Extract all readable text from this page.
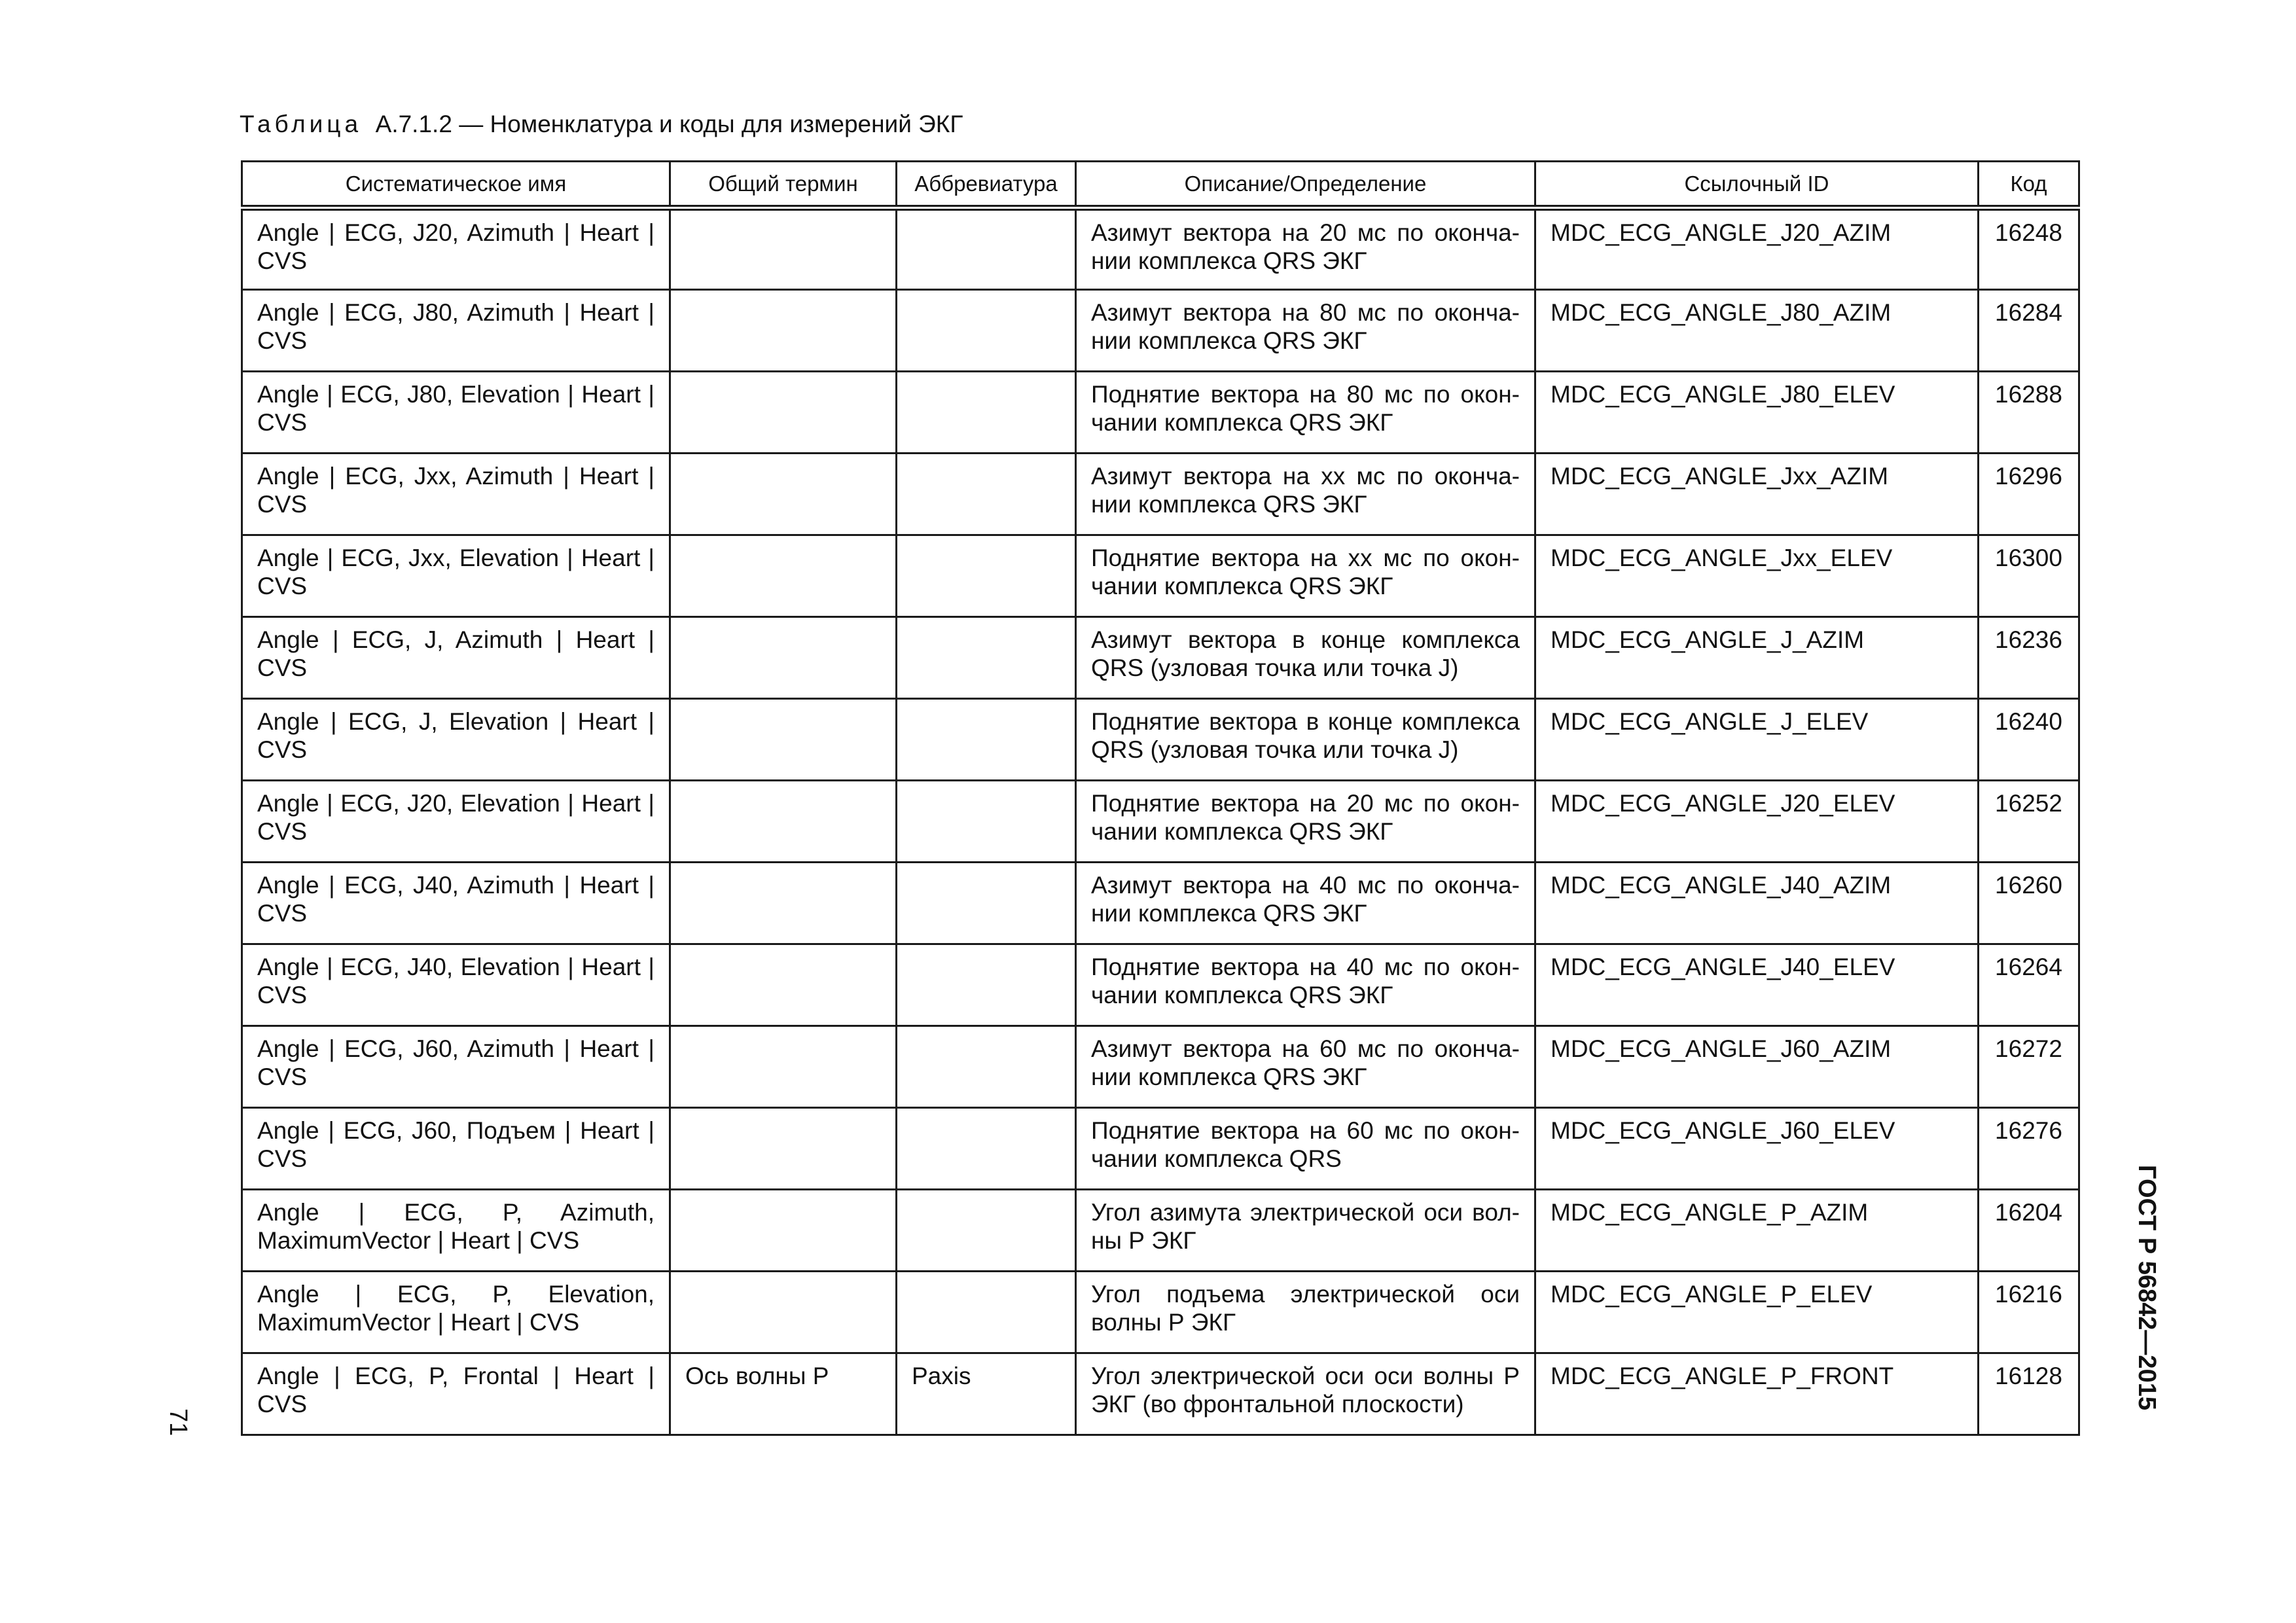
Таблица А.7.1.2 — Номенклатура и коды для измерений ЭКГ
Систематическое имя	Общий термин	Аббревиатура	Описание/Определение	Ссылочный ID	Код
Angle | ECG, J20, Azimuth | Heart | CVS			Азимут вектора на 20 мс по оконча-нии комплекса QRS ЭКГ	MDC_ECG_ANGLE_J20_AZIM	16248
Angle | ECG, J80, Azimuth | Heart | CVS			Азимут вектора на 80 мс по оконча-нии комплекса QRS ЭКГ	MDC_ECG_ANGLE_J80_AZIM	16284
Angle | ECG, J80, Elevation | Heart | CVS			Поднятие вектора на 80 мс по окон-чании комплекса QRS ЭКГ	MDC_ECG_ANGLE_J80_ELEV	16288
Angle | ECG, Jxx, Azimuth | Heart | CVS			Азимут вектора на хх мс по оконча-нии комплекса QRS ЭКГ	MDC_ECG_ANGLE_Jxx_AZIM	16296
Angle | ECG, Jxx, Elevation | Heart | CVS			Поднятие вектора на хх мс по окон-чании комплекса QRS ЭКГ	MDC_ECG_ANGLE_Jxx_ELEV	16300
Angle | ECG, J, Azimuth | Heart | CVS			Азимут вектора в конце комплекса QRS (узловая точка или точка J)	MDC_ECG_ANGLE_J_AZIM	16236
Angle | ECG, J, Elevation | Heart | CVS			Поднятие вектора в конце комплекса QRS (узловая точка или точка J)	MDC_ECG_ANGLE_J_ELEV	16240
Angle | ECG, J20, Elevation | Heart | CVS			Поднятие вектора на 20 мс по окон-чании комплекса QRS ЭКГ	MDC_ECG_ANGLE_J20_ELEV	16252
Angle | ECG, J40, Azimuth | Heart | CVS			Азимут вектора на 40 мс по оконча-нии комплекса QRS ЭКГ	MDC_ECG_ANGLE_J40_AZIM	16260
Angle | ECG, J40, Elevation | Heart | CVS			Поднятие вектора на 40 мс по окон-чании комплекса QRS ЭКГ	MDC_ECG_ANGLE_J40_ELEV	16264
Angle | ECG, J60, Azimuth | Heart | CVS			Азимут вектора на 60 мс по оконча-нии комплекса QRS ЭКГ	MDC_ECG_ANGLE_J60_AZIM	16272
Angle | ECG, J60, Подъем | Heart | CVS			Поднятие вектора на 60 мс по окон-чании комплекса QRS	MDC_ECG_ANGLE_J60_ELEV	16276
Angle | ECG, P, Azimuth, MaximumVector | Heart | CVS			Угол азимута электрической оси вол-ны Р ЭКГ	MDC_ECG_ANGLE_P_AZIM	16204
Angle | ECG, P, Elevation, MaximumVector | Heart | CVS			Угол подъема электрической оси волны Р ЭКГ	MDC_ECG_ANGLE_P_ELEV	16216
Angle | ECG, P, Frontal | Heart | CVS	Ось волны Р	Paxis	Угол электрической оси оси волны Р ЭКГ (во фронтальной плоскости)	MDC_ECG_ANGLE_P_FRONT	16128
71
ГОСТ Р 56842—2015
